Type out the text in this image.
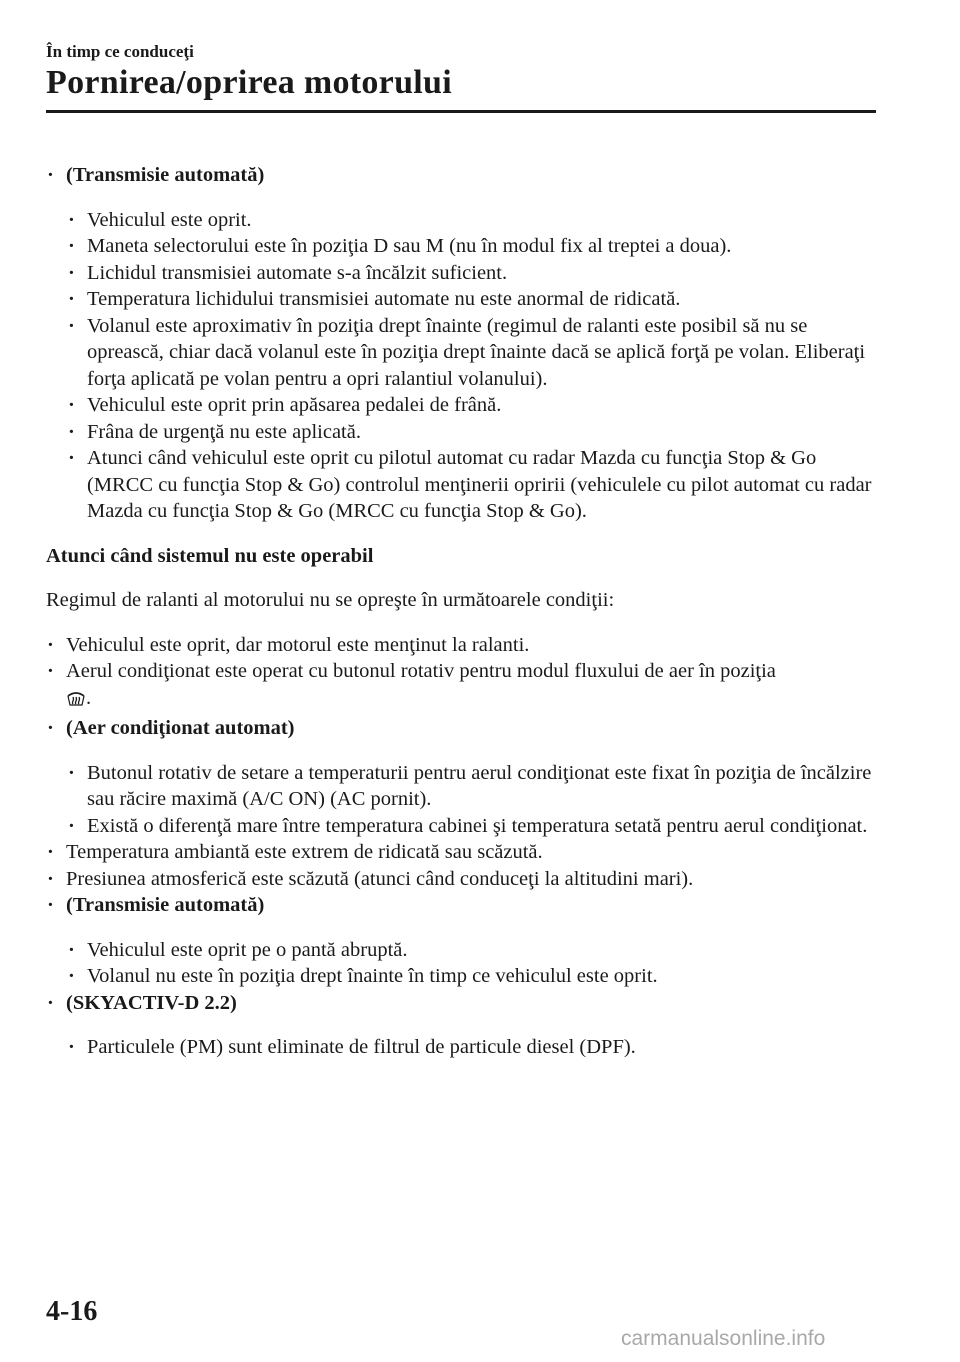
În timp ce conduceţi
Pornirea/oprirea motorului
· (Transmisie automată)
· Vehiculul este oprit.
· Maneta selectorului este în poziţia D sau M (nu în modul fix al treptei a doua).
· Lichidul transmisiei automate s-a încălzit suficient.
· Temperatura lichidului transmisiei automate nu este anormal de ridicată.
· Volanul este aproximativ în poziţia drept înainte (regimul de ralanti este posibil să nu se oprească, chiar dacă volanul este în poziţia drept înainte dacă se aplică forţă pe volan. Eliberaţi forţa aplicată pe volan pentru a opri ralantiul volanului).
· Vehiculul este oprit prin apăsarea pedalei de frână.
· Frâna de urgenţă nu este aplicată.
· Atunci când vehiculul este oprit cu pilotul automat cu radar Mazda cu funcţia Stop & Go (MRCC cu funcţia Stop & Go) controlul menţinerii opririi (vehiculele cu pilot automat cu radar Mazda cu funcţia Stop & Go (MRCC cu funcţia Stop & Go).
Atunci când sistemul nu este operabil
Regimul de ralanti al motorului nu se opreşte în următoarele condiţii:
· Vehiculul este oprit, dar motorul este menţinut la ralanti.
· Aerul condiţionat este operat cu butonul rotativ pentru modul fluxului de aer în poziţia
.
· (Aer condiţionat automat)
· Butonul rotativ de setare a temperaturii pentru aerul condiţionat este fixat în poziţia de încălzire sau răcire maximă (A/C ON) (AC pornit).
· Există o diferenţă mare între temperatura cabinei şi temperatura setată pentru aerul condiţionat.
· Temperatura ambiantă este extrem de ridicată sau scăzută.
· Presiunea atmosferică este scăzută (atunci când conduceţi la altitudini mari).
· (Transmisie automată)
· Vehiculul este oprit pe o pantă abruptă.
· Volanul nu este în poziţia drept înainte în timp ce vehiculul este oprit.
· (SKYACTIV-D 2.2)
· Particulele (PM) sunt eliminate de filtrul de particule diesel (DPF).
4-16
carmanualsonline.info
